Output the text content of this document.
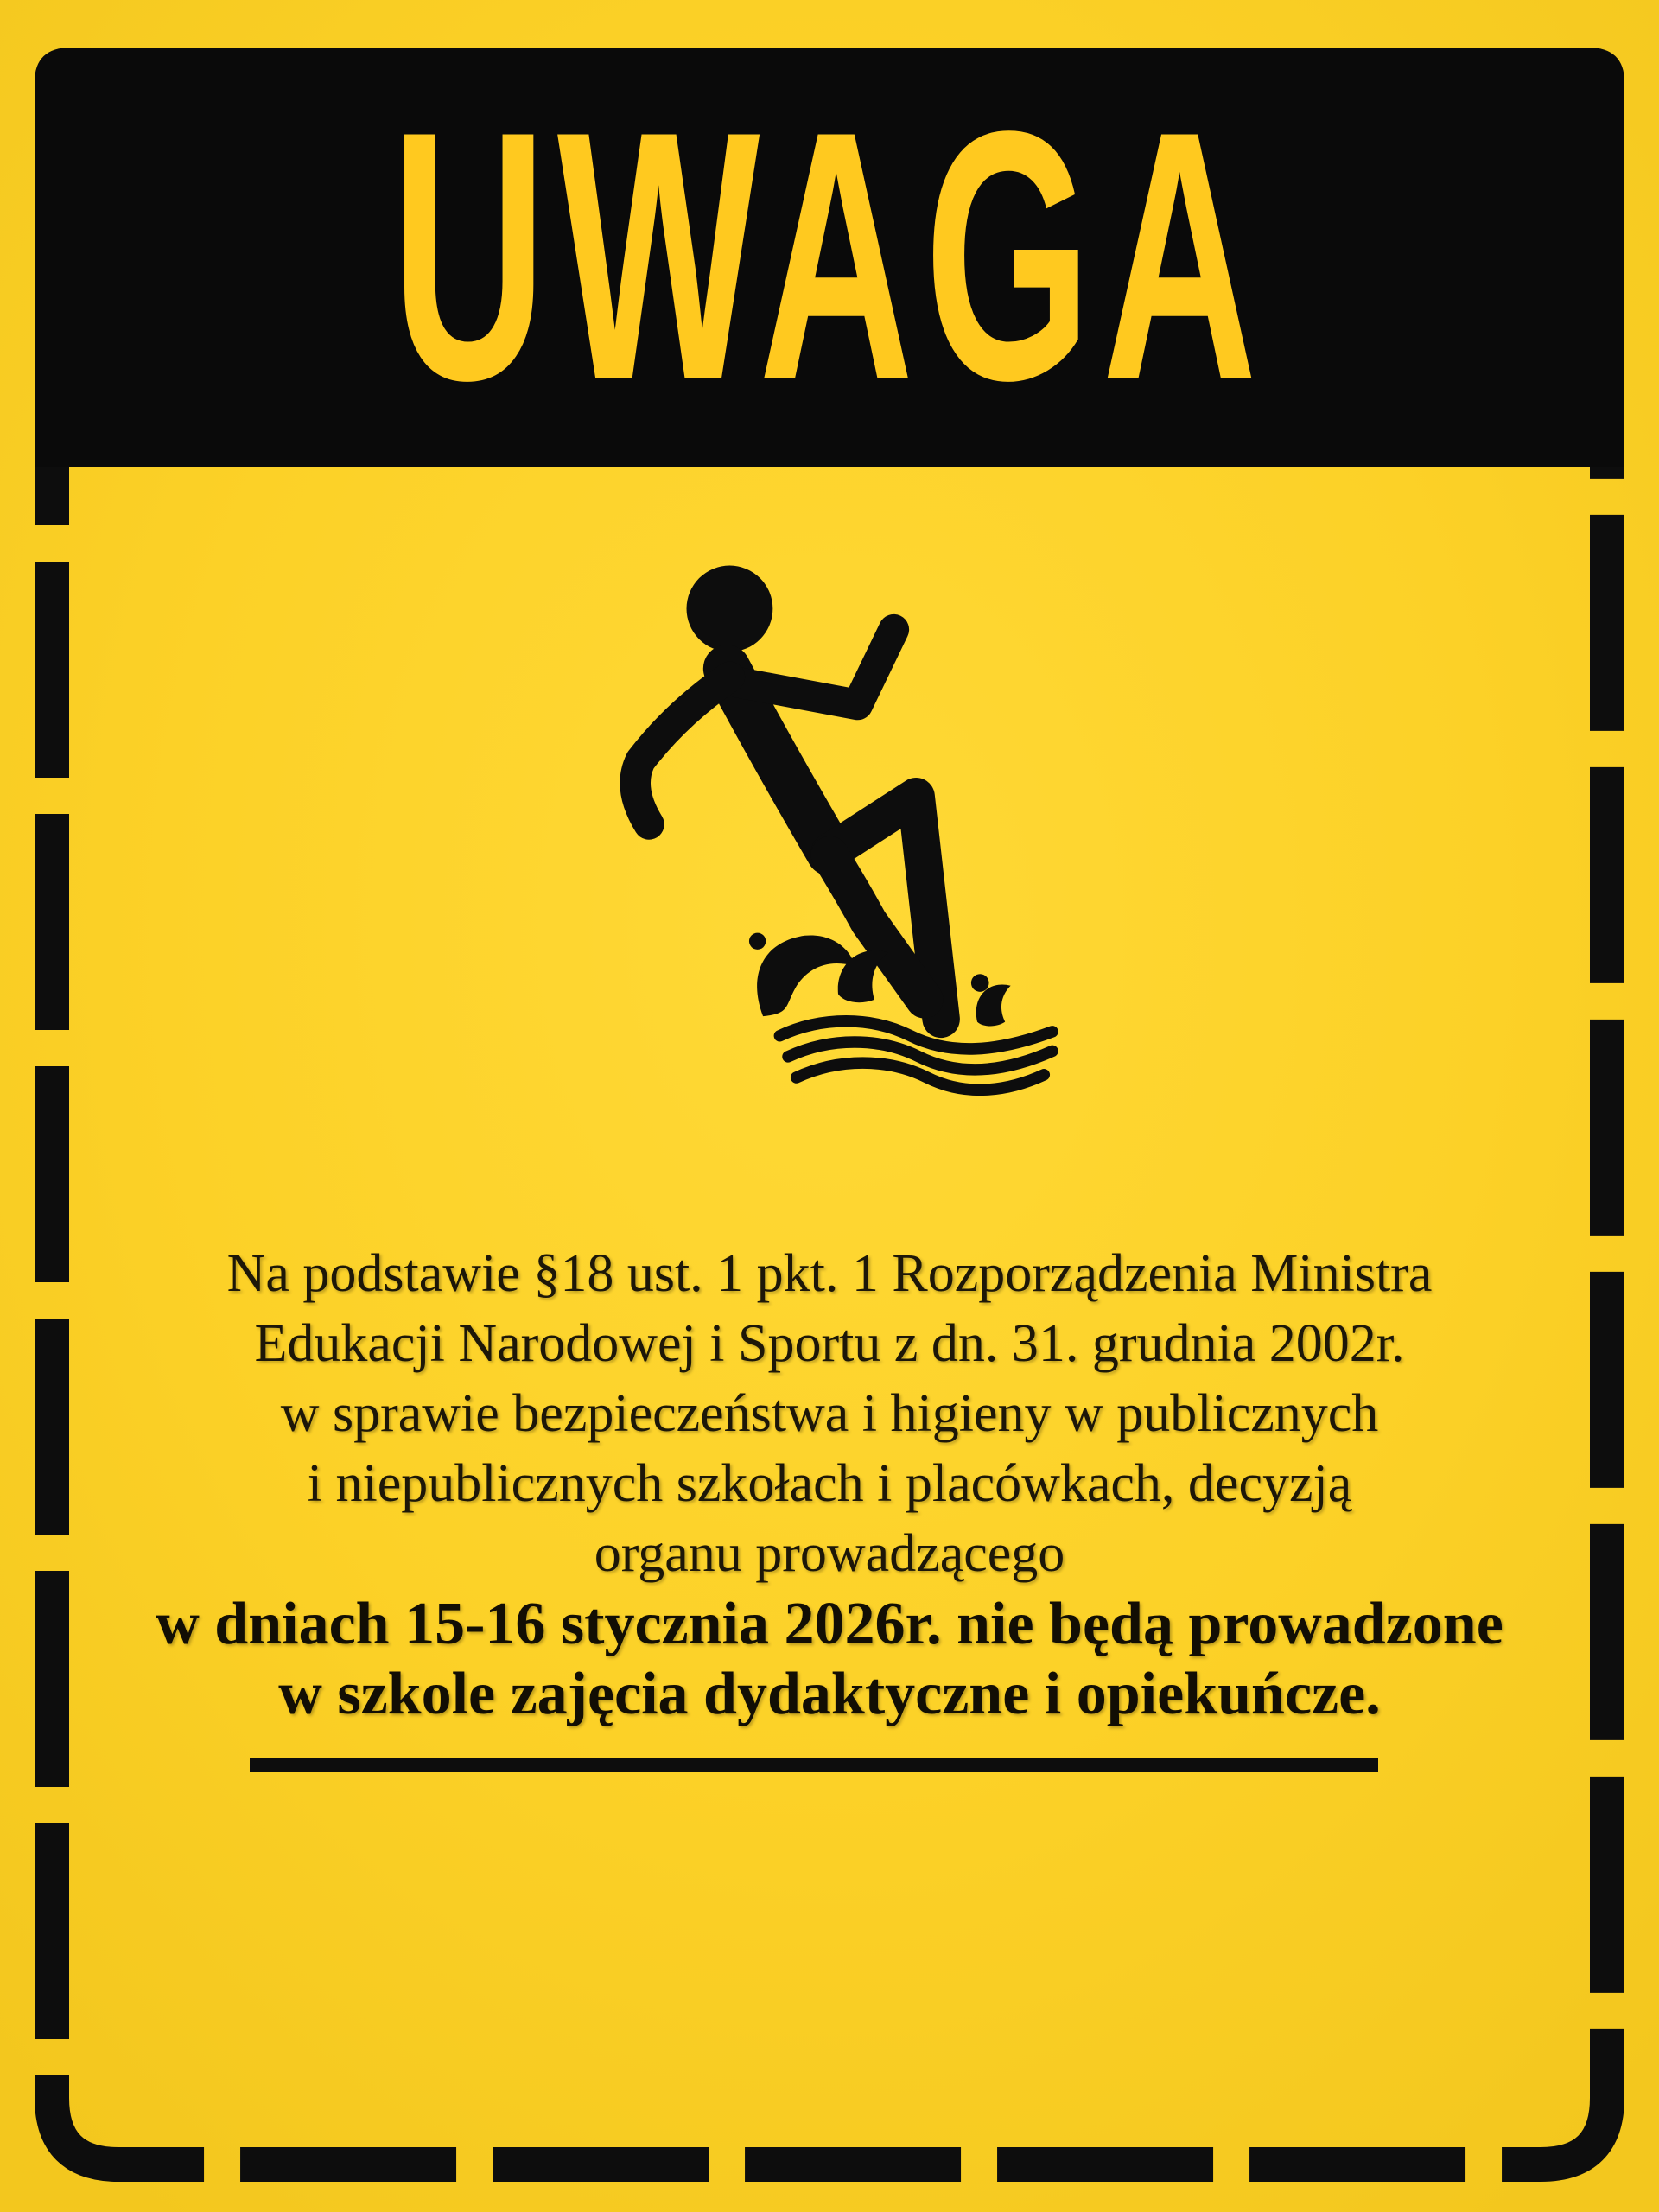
UWAGA
Na podstawie §18 ust. 1 pkt. 1 Rozporządzenia Ministra
Edukacji Narodowej i Sportu z dn. 31. grudnia 2002r.
w sprawie bezpieczeństwa i higieny w publicznych
i niepublicznych szkołach i placówkach, decyzją
organu prowadzącego
w dniach 15-16 stycznia 2026r. nie będą prowadzone
w szkole zajęcia dydaktyczne i opiekuńcze.
